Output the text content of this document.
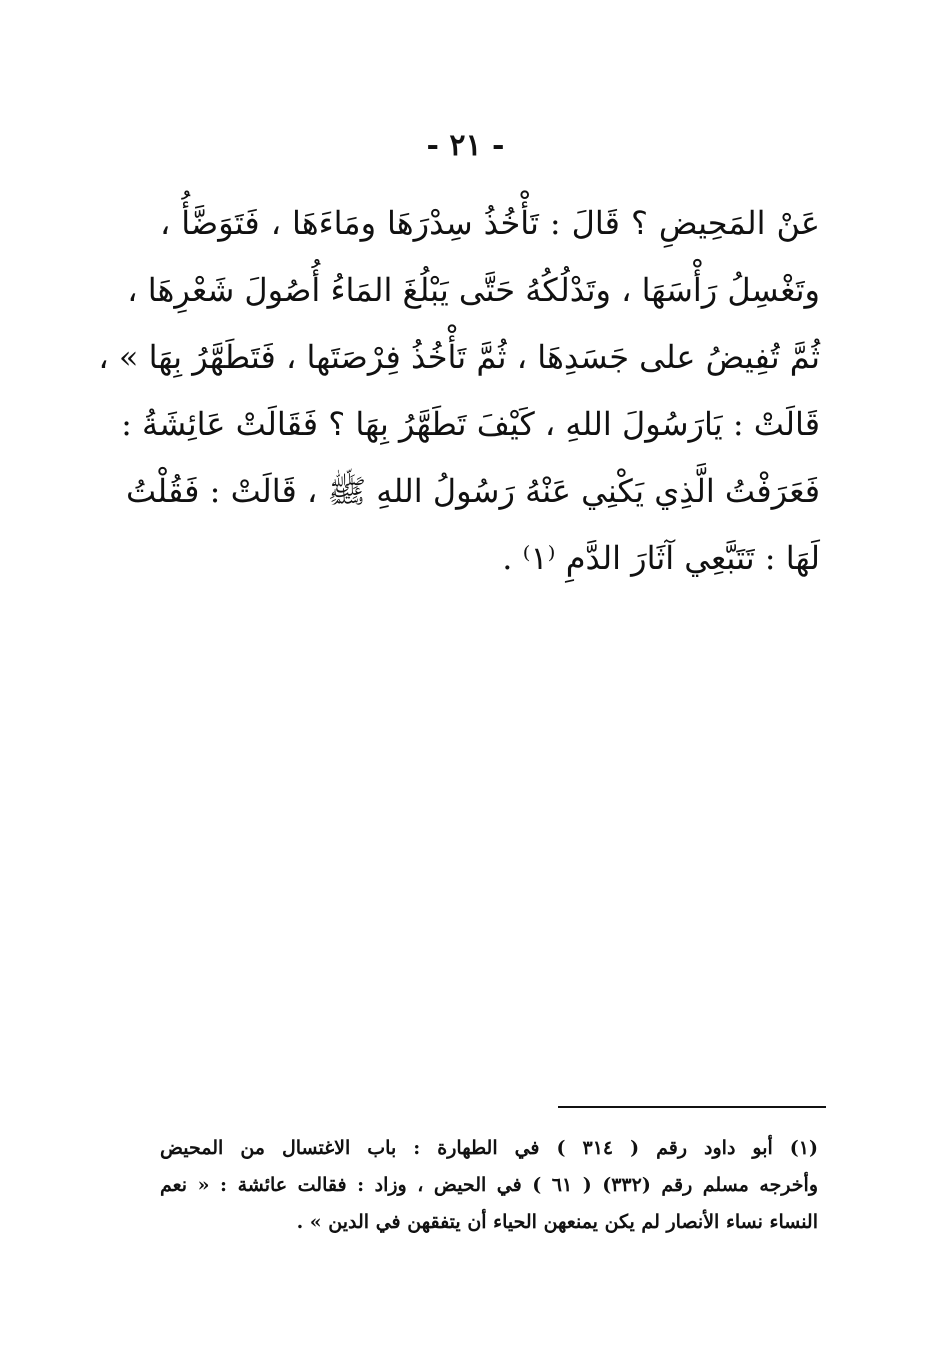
- ٢١ -
عَنْ المَحِيضِ ؟ قَالَ : تَأْخُذُ سِدْرَهَا ومَاءَهَا ، فَتَوَضَّأُ ،
وتَغْسِلُ رَأْسَهَا ، وتَدْلُكُهُ حَتَّى يَبْلُغَ المَاءُ أُصُولَ شَعْرِهَا ،
ثُمَّ تُفِيضُ على جَسَدِهَا ، ثُمَّ تَأْخُذُ فِرْصَتَها ، فَتَطَهَّرُ بِهَا » ،
قَالَتْ : يَارَسُولَ اللهِ ، كَيْفَ تَطَهَّرُ بِهَا ؟ فَقَالَتْ عَائِشَةُ :
فَعَرَفْتُ الَّذِي يَكْنِي عَنْهُ رَسُولُ اللهِ ﷺ ، قَالَتْ : فَقُلْتُ
لَهَا : تَتَبَّعِي آثَارَ الدَّمِ ⁽١⁾ .
(١) أبو داود رقم ( ٣١٤ ) في الطهارة : باب الاغتسال من المحيض
وأخرجه مسلم رقم (٣٣٢) ( ٦١ ) في الحيض ، وزاد : فقالت عائشة : « نعم
النساء نساء الأنصار لم يكن يمنعهن الحياء أن يتفقهن في الدين » .
